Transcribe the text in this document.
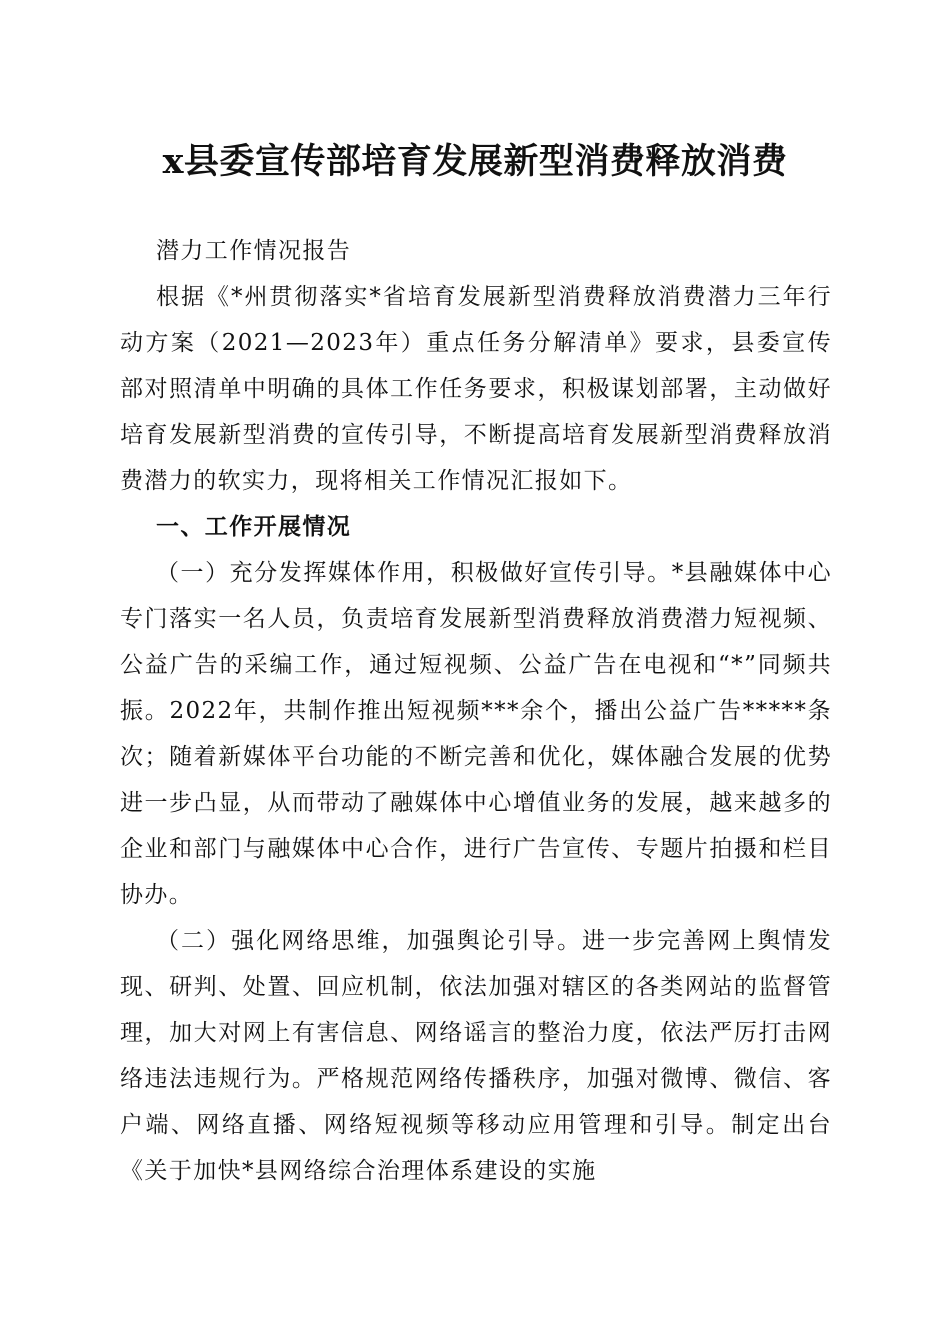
x县委宣传部培育发展新型消费释放消费

潜力工作情况报告

根据《*州贯彻落实*省培育发展新型消费释放消费潜力三年行动方案（2021—2023年）重点任务分解清单》要求，县委宣传部对照清单中明确的具体工作任务要求，积极谋划部署，主动做好培育发展新型消费的宣传引导，不断提高培育发展新型消费释放消费潜力的软实力，现将相关工作情况汇报如下。

一、工作开展情况

（一）充分发挥媒体作用，积极做好宣传引导。*县融媒体中心专门落实一名人员，负责培育发展新型消费释放消费潜力短视频、公益广告的采编工作，通过短视频、公益广告在电视和“*”同频共振。2022年，共制作推出短视频***余个，播出公益广告*****条次；随着新媒体平台功能的不断完善和优化，媒体融合发展的优势进一步凸显，从而带动了融媒体中心增值业务的发展，越来越多的企业和部门与融媒体中心合作，进行广告宣传、专题片拍摄和栏目协办。

（二）强化网络思维，加强舆论引导。进一步完善网上舆情发现、研判、处置、回应机制，依法加强对辖区的各类网站的监督管理，加大对网上有害信息、网络谣言的整治力度，依法严厉打击网络违法违规行为。严格规范网络传播秩序，加强对微博、微信、客户端、网络直播、网络短视频等移动应用管理和引导。制定出台《关于加快*县网络综合治理体系建设的实施
